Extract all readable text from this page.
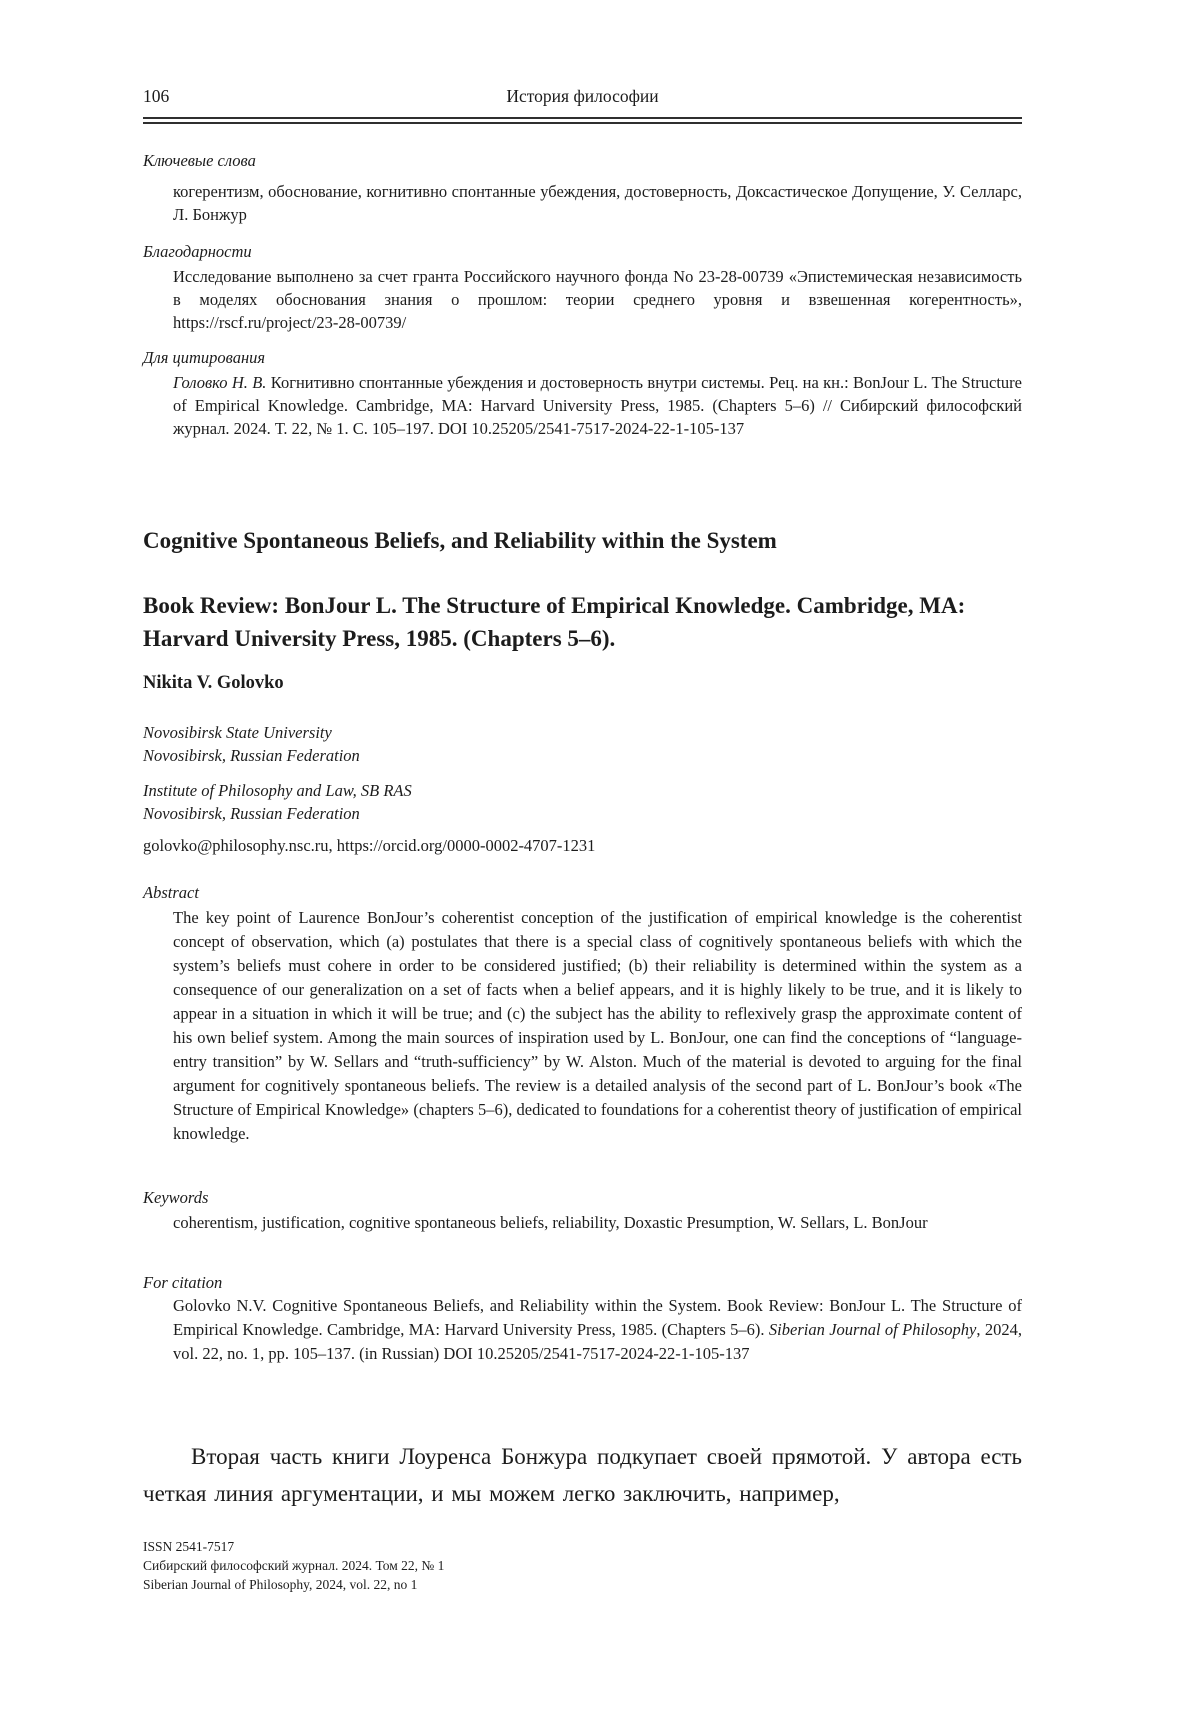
106	История философии
Ключевые слова
когерентизм, обоснование, когнитивно спонтанные убеждения, достоверность, Доксастическое Допущение, У. Селларс, Л. Бонжур
Благодарности
Исследование выполнено за счет гранта Российского научного фонда No 23-28-00739 «Эпистемическая независимость в моделях обоснования знания о прошлом: теории среднего уровня и взвешенная когерентность», https://rscf.ru/project/23-28-00739/
Для цитирования
Головко Н. В. Когнитивно спонтанные убеждения и достоверность внутри системы. Рец. на кн.: BonJour L. The Structure of Empirical Knowledge. Cambridge, MA: Harvard University Press, 1985. (Chapters 5–6) // Сибирский философский журнал. 2024. Т. 22, № 1. С. 105–197. DOI 10.25205/2541-7517-2024-22-1-105-137
Cognitive Spontaneous Beliefs, and Reliability within the System
Book Review: BonJour L. The Structure of Empirical Knowledge. Cambridge, MA: Harvard University Press, 1985. (Chapters 5–6).
Nikita V. Golovko
Novosibirsk State University
Novosibirsk, Russian Federation
Institute of Philosophy and Law, SB RAS
Novosibirsk, Russian Federation
golovko@philosophy.nsc.ru, https://orcid.org/0000-0002-4707-1231
Abstract
The key point of Laurence BonJour’s coherentist conception of the justification of empirical knowledge is the coherentist concept of observation, which (a) postulates that there is a special class of cognitively spontaneous beliefs with which the system’s beliefs must cohere in order to be considered justified; (b) their reliability is determined within the system as a consequence of our generalization on a set of facts when a belief appears, and it is highly likely to be true, and it is likely to appear in a situation in which it will be true; and (c) the subject has the ability to reflexively grasp the approximate content of his own belief system. Among the main sources of inspiration used by L. BonJour, one can find the conceptions of “language-entry transition” by W. Sellars and “truth-sufficiency” by W. Alston. Much of the material is devoted to arguing for the final argument for cognitively spontaneous beliefs. The review is a detailed analysis of the second part of L. BonJour’s book «The Structure of Empirical Knowledge» (chapters 5–6), dedicated to foundations for a coherentist theory of justification of empirical knowledge.
Keywords
coherentism, justification, cognitive spontaneous beliefs, reliability, Doxastic Presumption, W. Sellars, L. BonJour
For citation
Golovko N.V. Cognitive Spontaneous Beliefs, and Reliability within the System. Book Review: BonJour L. The Structure of Empirical Knowledge. Cambridge, MA: Harvard University Press, 1985. (Chapters 5–6). Siberian Journal of Philosophy, 2024, vol. 22, no. 1, pp. 105–137. (in Russian) DOI 10.25205/2541-7517-2024-22-1-105-137
Вторая часть книги Лоуренса Бонжура подкупает своей прямотой. У автора есть четкая линия аргументации, и мы можем легко заключить, например,
ISSN 2541-7517
Сибирский философский журнал. 2024. Том 22, № 1
Siberian Journal of Philosophy, 2024, vol. 22, no 1
